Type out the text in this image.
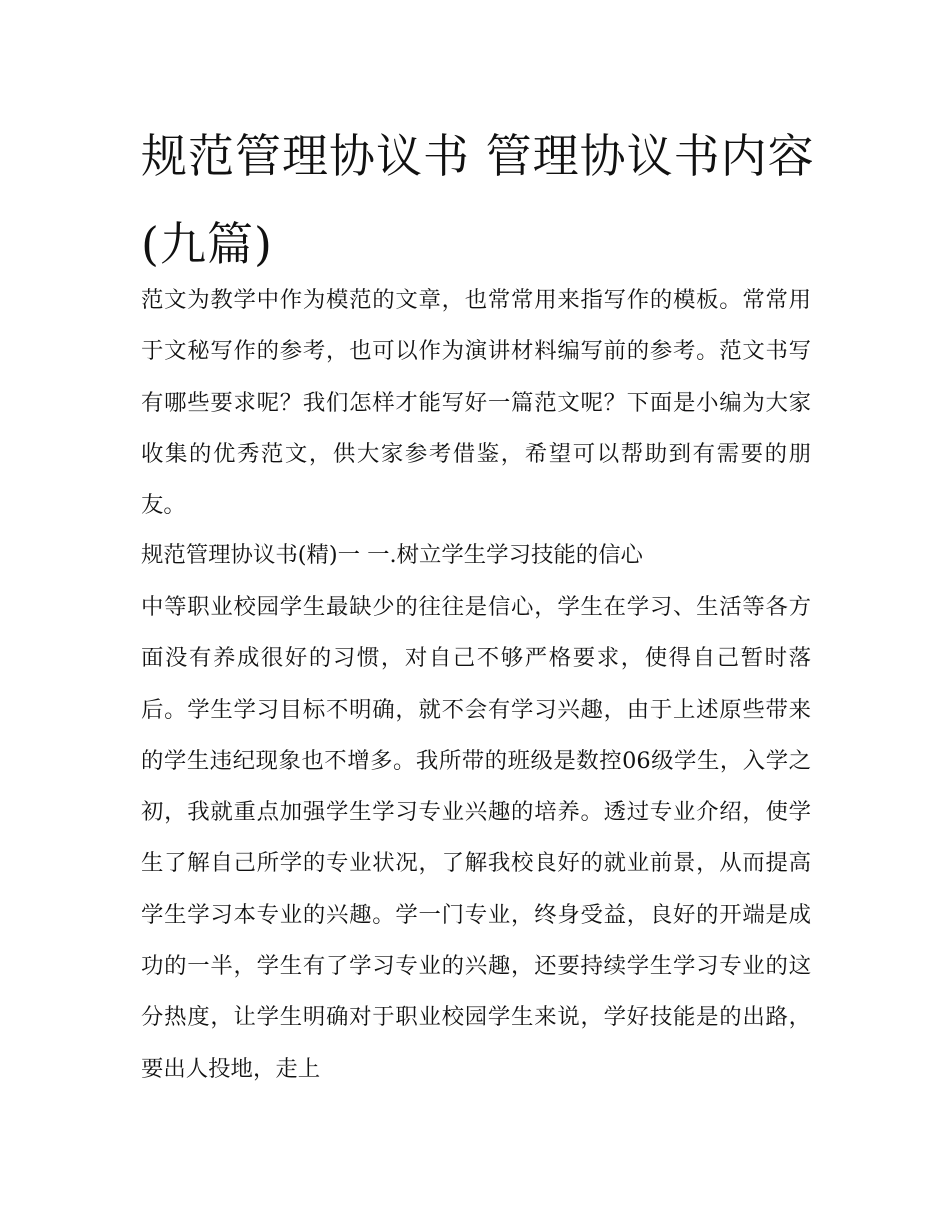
规范管理协议书 管理协议书内容(九篇)

范文为教学中作为模范的文章，也常常用来指写作的模板。常常用于文秘写作的参考，也可以作为演讲材料编写前的参考。范文书写有哪些要求呢？我们怎样才能写好一篇范文呢？下面是小编为大家收集的优秀范文，供大家参考借鉴，希望可以帮助到有需要的朋友。

规范管理协议书(精)一 一.树立学生学习技能的信心

中等职业校园学生最缺少的往往是信心，学生在学习、生活等各方面没有养成很好的习惯，对自己不够严格要求，使得自己暂时落后。学生学习目标不明确，就不会有学习兴趣，由于上述原些带来的学生违纪现象也不增多。我所带的班级是数控06级学生，入学之初，我就重点加强学生学习专业兴趣的培养。透过专业介绍，使学生了解自己所学的专业状况，了解我校良好的就业前景，从而提高学生学习本专业的兴趣。学一门专业，终身受益，良好的开端是成功的一半，学生有了学习专业的兴趣，还要持续学生学习专业的这分热度，让学生明确对于职业校园学生来说，学好技能是的出路，要出人投地，走上
